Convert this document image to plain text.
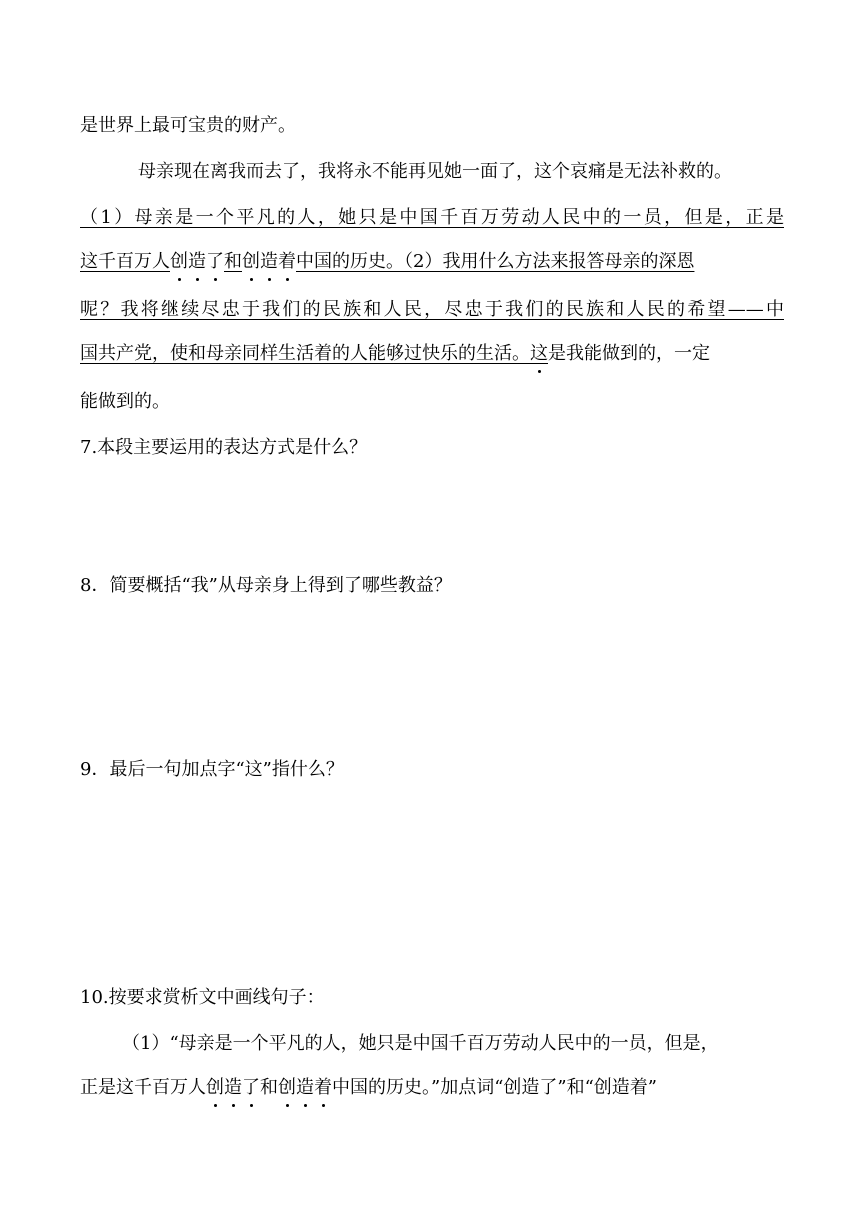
是世界上最可宝贵的财产。
母亲现在离我而去了，我将永不能再见她一面了，这个哀痛是无法补救的。
（1）母亲是一个平凡的人，她只是中国千百万劳动人民中的一员，但是，正是
这千百万人创造了和创造着中国的历史。（2）我用什么方法来报答母亲的深恩
呢？我将继续尽忠于我们的民族和人民，尽忠于我们的民族和人民的希望——中
国共产党，使和母亲同样生活着的人能够过快乐的生活。这是我能做到的，一定
能做到的。
7.本段主要运用的表达方式是什么？
8．简要概括“我”从母亲身上得到了哪些教益？
9．最后一句加点字“这”指什么？
10.按要求赏析文中画线句子：
（1）“母亲是一个平凡的人，她只是中国千百万劳动人民中的一员，但是，
正是这千百万人创造了和创造着中国的历史。”加点词“创造了”和“创造着”
